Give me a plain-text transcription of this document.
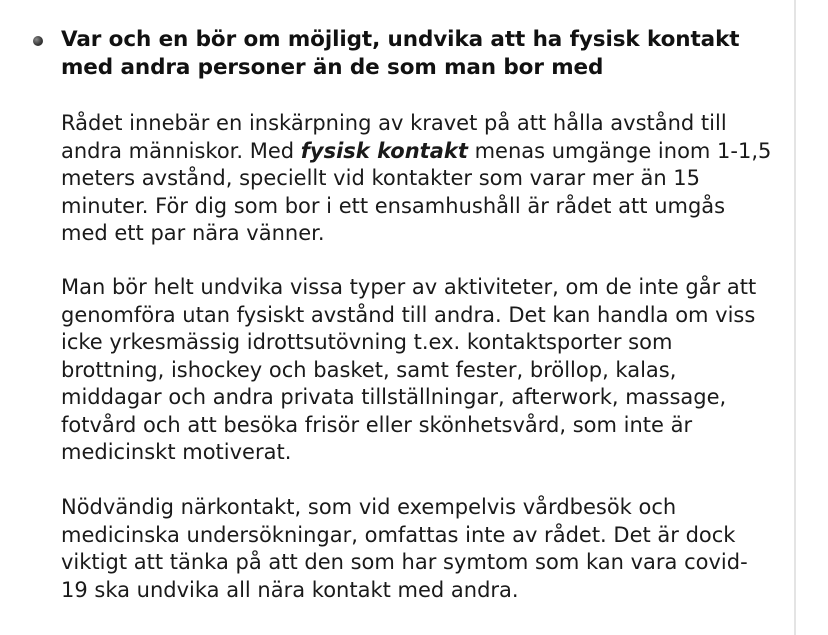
Var och en bör om möjligt, undvika att ha fysisk kontakt
med andra personer än de som man bor med

Rådet innebär en inskärpning av kravet på att hålla avstånd till andra människor. Med fysisk kontakt menas umgänge inom 1-1,5 meters avstånd, speciellt vid kontakter som varar mer än 15 minuter. För dig som bor i ett ensamhushåll är rådet att umgås med ett par nära vänner.

Man bör helt undvika vissa typer av aktiviteter, om de inte går att genomföra utan fysiskt avstånd till andra. Det kan handla om viss icke yrkesmässig idrottsutövning t.ex. kontaktsporter som brottning, ishockey och basket, samt fester, bröllop, kalas, middagar och andra privata tillställningar, afterwork, massage, fotvård och att besöka frisör eller skönhetsvård, som inte är medicinskt motiverat.

Nödvändig närkontakt, som vid exempelvis vårdbesök och medicinska undersökningar, omfattas inte av rådet. Det är dock viktigt att tänka på att den som har symtom som kan vara covid-19 ska undvika all nära kontakt med andra.
